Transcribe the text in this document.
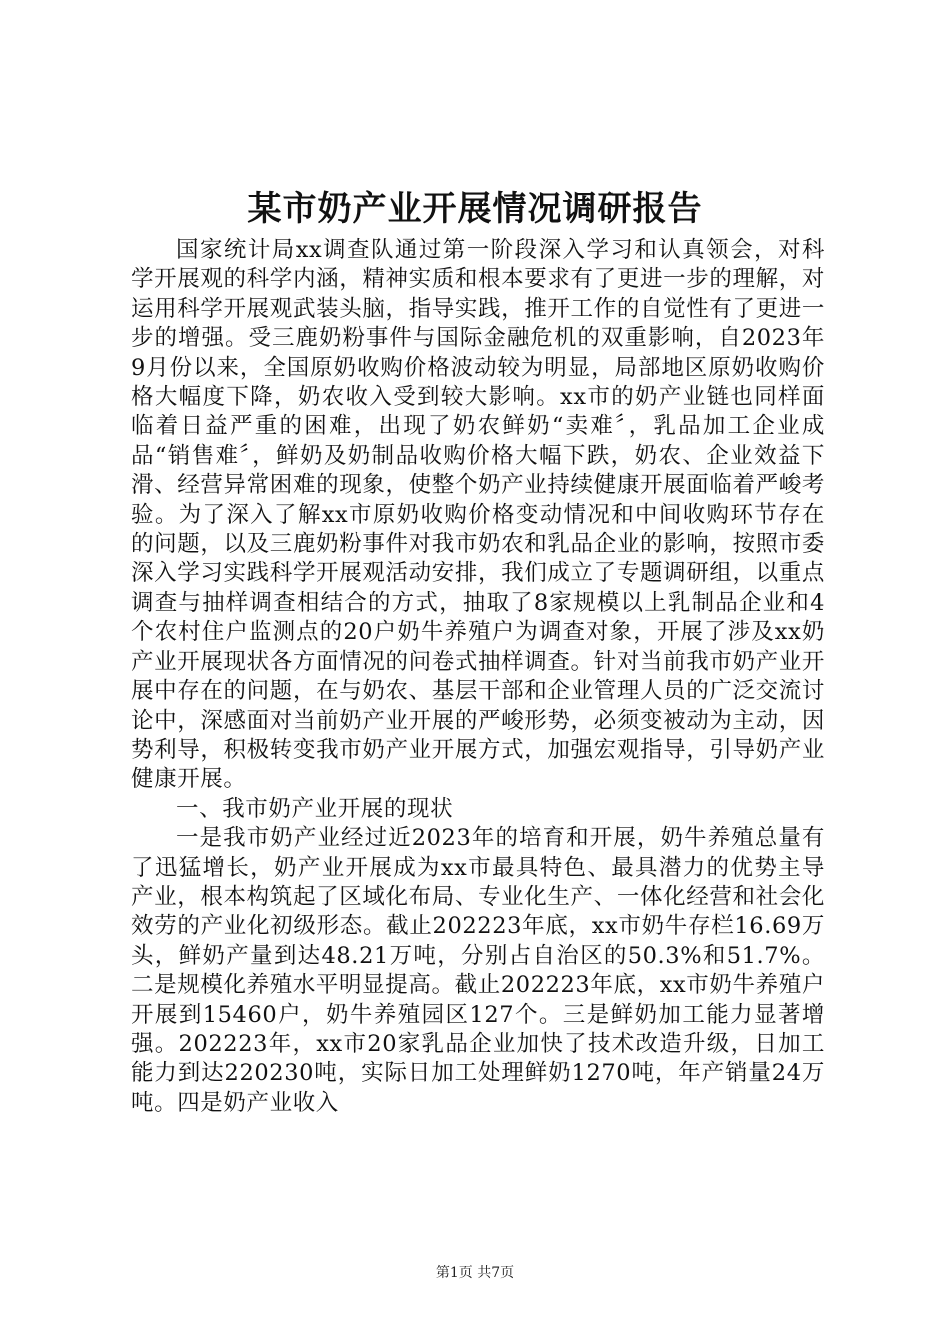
某市奶产业开展情况调研报告

国家统计局xx调查队通过第一阶段深入学习和认真领会，对科学开展观的科学内涵，精神实质和根本要求有了更进一步的理解，对运用科学开展观武装头脑，指导实践，推开工作的自觉性有了更进一步的增强。受三鹿奶粉事件与国际金融危机的双重影响，自2023年9月份以来，全国原奶收购价格波动较为明显，局部地区原奶收购价格大幅度下降，奶农收入受到较大影响。xx市的奶产业链也同样面临着日益严重的困难，出现了奶农鲜奶“卖难〞，乳品加工企业成品“销售难〞，鲜奶及奶制品收购价格大幅下跌，奶农、企业效益下滑、经营异常困难的现象，使整个奶产业持续健康开展面临着严峻考验。为了深入了解xx市原奶收购价格变动情况和中间收购环节存在的问题，以及三鹿奶粉事件对我市奶农和乳品企业的影响，按照市委深入学习实践科学开展观活动安排，我们成立了专题调研组，以重点调查与抽样调查相结合的方式，抽取了8家规模以上乳制品企业和4个农村住户监测点的20户奶牛养殖户为调查对象，开展了涉及xx奶产业开展现状各方面情况的问卷式抽样调查。针对当前我市奶产业开展中存在的问题，在与奶农、基层干部和企业管理人员的广泛交流讨论中，深感面对当前奶产业开展的严峻形势，必须变被动为主动，因势利导，积极转变我市奶产业开展方式，加强宏观指导，引导奶产业健康开展。

一、我市奶产业开展的现状

一是我市奶产业经过近2023年的培育和开展，奶牛养殖总量有了迅猛增长，奶产业开展成为xx市最具特色、最具潜力的优势主导产业，根本构筑起了区域化布局、专业化生产、一体化经营和社会化效劳的产业化初级形态。截止202223年底，xx市奶牛存栏16.69万头，鲜奶产量到达48.21万吨，分别占自治区的50.3%和51.7%。二是规模化养殖水平明显提高。截止202223年底，xx市奶牛养殖户开展到15460户，奶牛养殖园区127个。三是鲜奶加工能力显著增强。202223年，xx市20家乳品企业加快了技术改造升级，日加工能力到达220230吨，实际日加工处理鲜奶1270吨，年产销量24万吨。四是奶产业收入

第1页 共7页
